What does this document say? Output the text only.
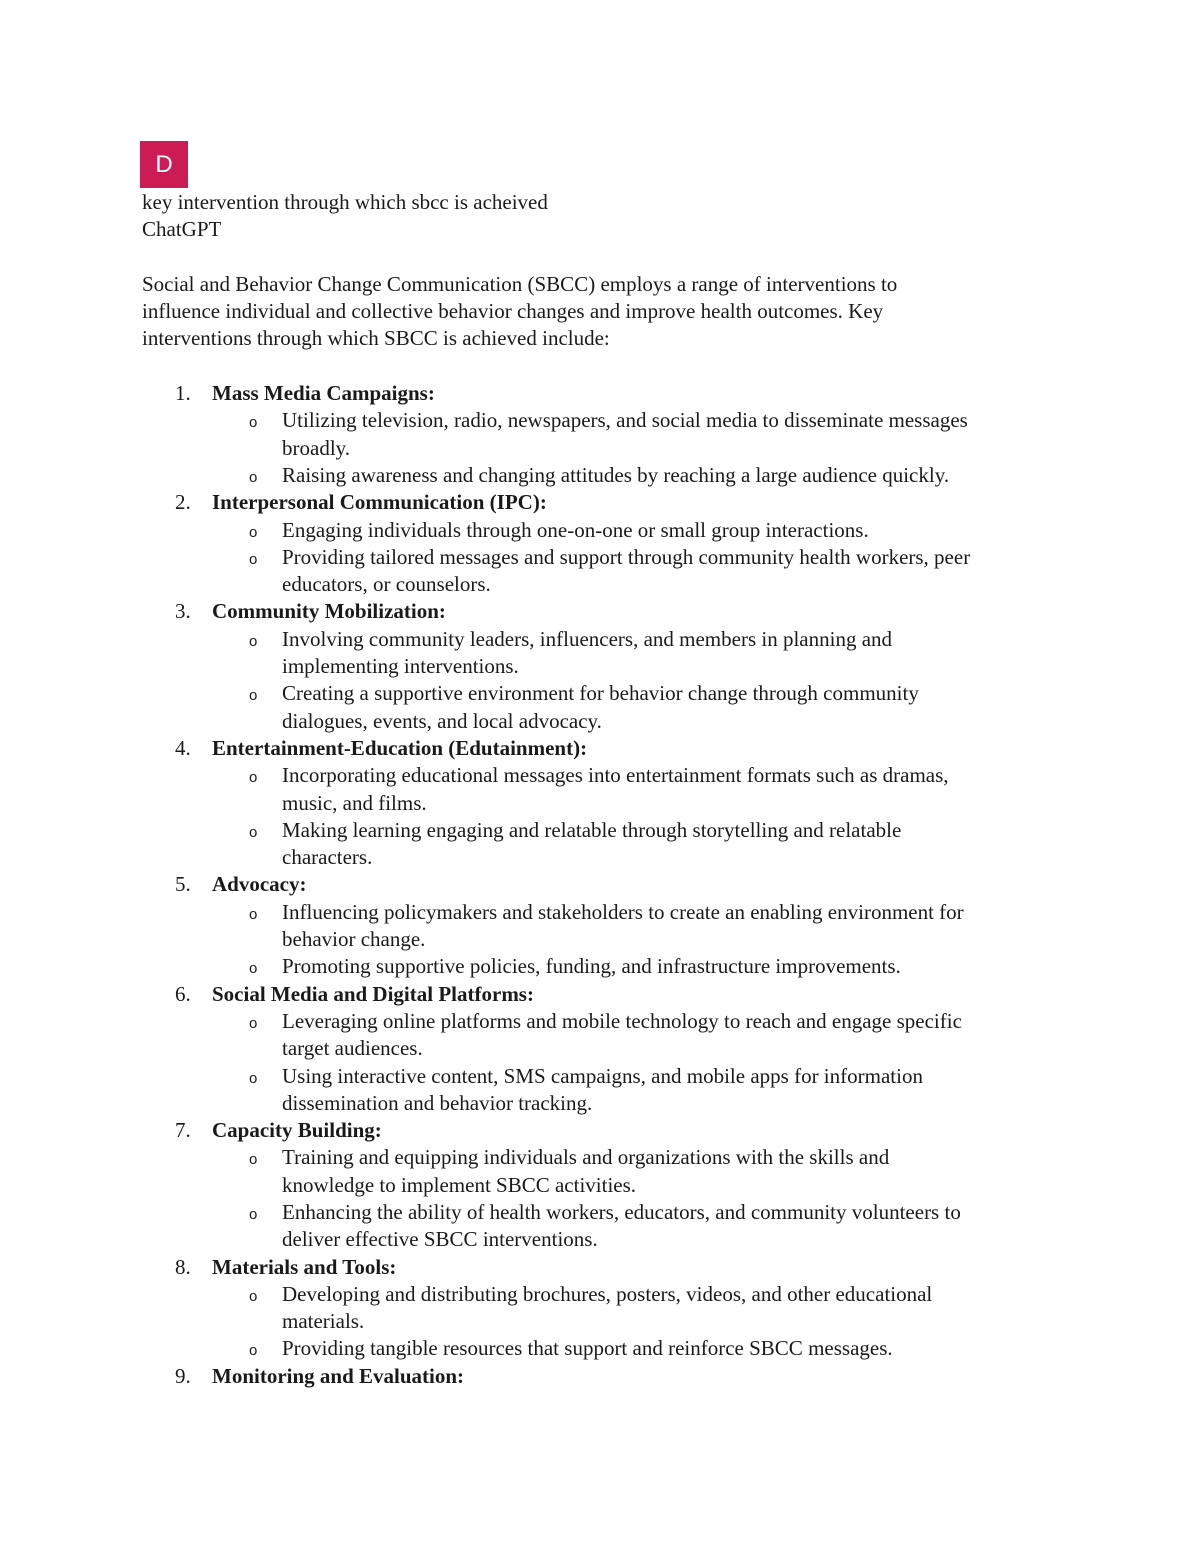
D

key intervention through which sbcc is acheived

ChatGPT

Social and Behavior Change Communication (SBCC) employs a range of interventions to
influence individual and collective behavior changes and improve health outcomes. Key
interventions through which SBCC is achieved include:
1. Mass Media Campaigns:
o Utilizing television, radio, newspapers, and social media to disseminate messages
broadly.
o Raising awareness and changing attitudes by reaching a large audience quickly.
2. Interpersonal Communication (IPC):
o Engaging individuals through one-on-one or small group interactions.
o Providing tailored messages and support through community health workers, peer
educators, or counselors.
3. Community Mobilization:
o Involving community leaders, influencers, and members in planning and
implementing interventions.
o Creating a supportive environment for behavior change through community
dialogues, events, and local advocacy.
4. Entertainment-Education (Edutainment):
o Incorporating educational messages into entertainment formats such as dramas,
music, and films.
o Making learning engaging and relatable through storytelling and relatable
characters.
5. Advocacy:
o Influencing policymakers and stakeholders to create an enabling environment for
behavior change.
o Promoting supportive policies, funding, and infrastructure improvements.
6. Social Media and Digital Platforms:
o Leveraging online platforms and mobile technology to reach and engage specific
target audiences.
o Using interactive content, SMS campaigns, and mobile apps for information
dissemination and behavior tracking.
7. Capacity Building:
o Training and equipping individuals and organizations with the skills and
knowledge to implement SBCC activities.
o Enhancing the ability of health workers, educators, and community volunteers to
deliver effective SBCC interventions.
8. Materials and Tools:
o Developing and distributing brochures, posters, videos, and other educational
materials.
o Providing tangible resources that support and reinforce SBCC messages.
9. Monitoring and Evaluation:
